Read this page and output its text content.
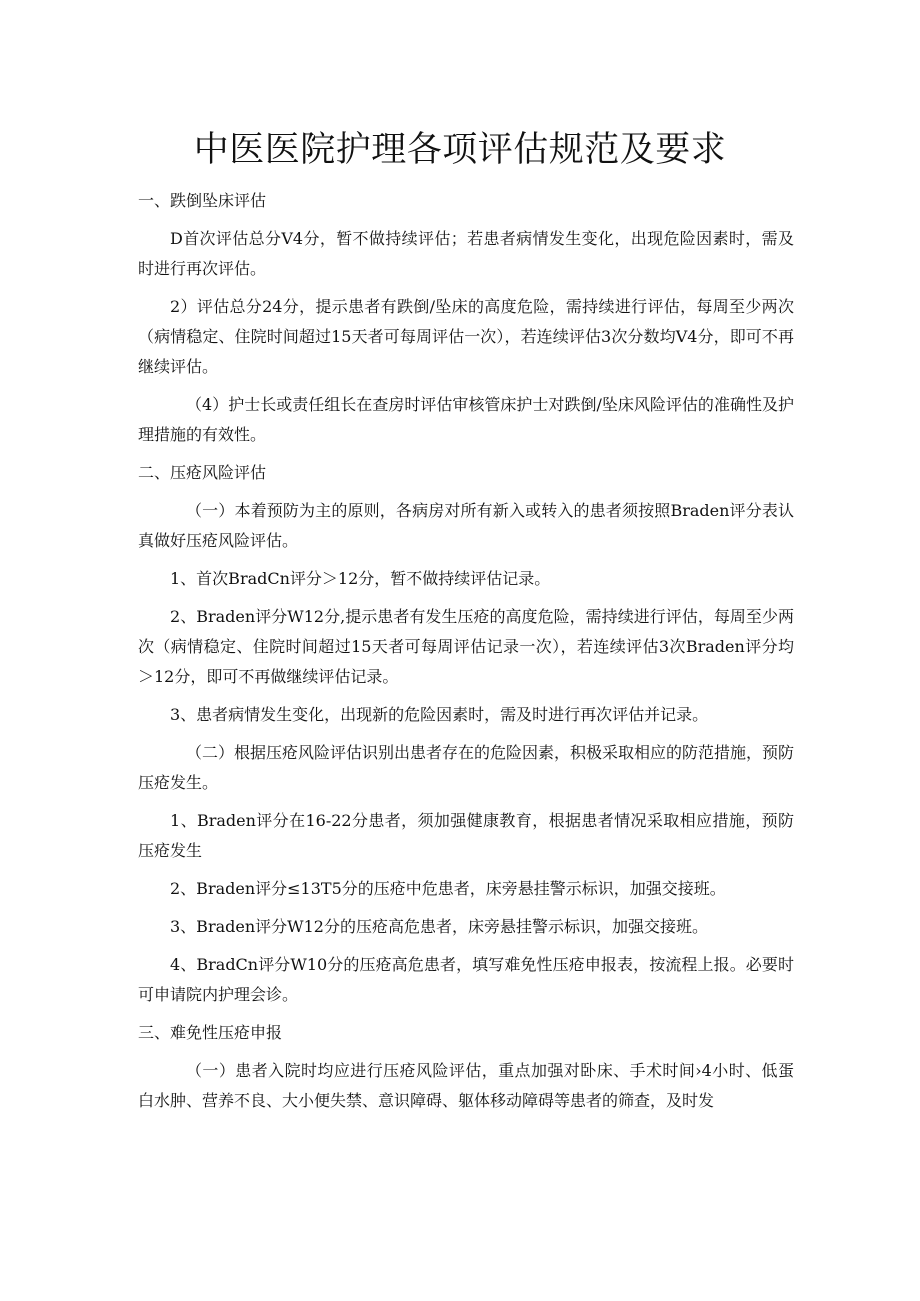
中医医院护理各项评估规范及要求

一、跌倒坠床评估

D首次评估总分V4分，暂不做持续评估；若患者病情发生变化，出现危险因素时，需及时进行再次评估。

2）评估总分24分，提示患者有跌倒/坠床的高度危险，需持续进行评估，每周至少两次（病情稳定、住院时间超过15天者可每周评估一次），若连续评估3次分数均V4分，即可不再继续评估。

（4）护士长或责任组长在查房时评估审核管床护士对跌倒/坠床风险评估的准确性及护理措施的有效性。

二、压疮风险评估

（一）本着预防为主的原则，各病房对所有新入或转入的患者须按照Braden评分表认真做好压疮风险评估。

1、首次BradCn评分＞12分，暂不做持续评估记录。

2、Braden评分W12分,提示患者有发生压疮的高度危险，需持续进行评估，每周至少两次（病情稳定、住院时间超过15天者可每周评估记录一次），若连续评估3次Braden评分均＞12分，即可不再做继续评估记录。

3、患者病情发生变化，出现新的危险因素时，需及时进行再次评估并记录。

（二）根据压疮风险评估识别出患者存在的危险因素，积极采取相应的防范措施，预防压疮发生。

1、Braden评分在16-22分患者，须加强健康教育，根据患者情况采取相应措施，预防压疮发生

2、Braden评分≤13T5分的压疮中危患者，床旁悬挂警示标识，加强交接班。

3、Braden评分W12分的压疮高危患者，床旁悬挂警示标识，加强交接班。

4、BradCn评分W10分的压疮高危患者，填写难免性压疮申报表，按流程上报。必要时可申请院内护理会诊。

三、难免性压疮申报

（一）患者入院时均应进行压疮风险评估，重点加强对卧床、手术时间›4小时、低蛋白水肿、营养不良、大小便失禁、意识障碍、躯体移动障碍等患者的筛查，及时发
